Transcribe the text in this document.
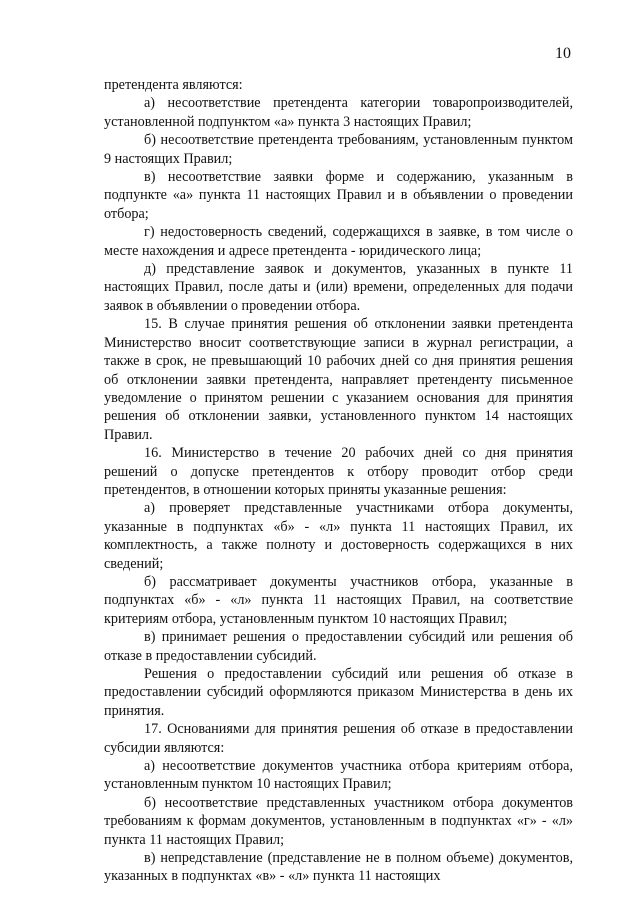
10

претендента являются:

а) несоответствие претендента категории товаропроизводителей, установленной подпунктом «а» пункта 3 настоящих Правил;

б) несоответствие претендента требованиям, установленным пунктом 9 настоящих Правил;

в) несоответствие заявки форме и содержанию, указанным в подпункте «а» пункта 11 настоящих Правил и в объявлении о проведении отбора;

г) недостоверность сведений, содержащихся в заявке, в том числе о месте нахождения и адресе претендента - юридического лица;

д) представление заявок и документов, указанных в пункте 11 настоящих Правил, после даты и (или) времени, определенных для подачи заявок в объявлении о проведении отбора.

15. В случае принятия решения об отклонении заявки претендента Министерство вносит соответствующие записи в журнал регистрации, а также в срок, не превышающий 10 рабочих дней со дня принятия решения об отклонении заявки претендента, направляет претенденту письменное уведомление о принятом решении с указанием основания для принятия решения об отклонении заявки, установленного пунктом 14 настоящих Правил.

16. Министерство в течение 20 рабочих дней со дня принятия решений о допуске претендентов к отбору проводит отбор среди претендентов, в отношении которых приняты указанные решения:

а) проверяет представленные участниками отбора документы, указанные в подпунктах «б» - «л» пункта 11 настоящих Правил, их комплектность, а также полноту и достоверность содержащихся в них сведений;

б) рассматривает документы участников отбора, указанные в подпунктах «б» - «л» пункта 11 настоящих Правил, на соответствие критериям отбора, установленным пунктом 10 настоящих Правил;

в) принимает решения о предоставлении субсидий или решения об отказе в предоставлении субсидий.

Решения о предоставлении субсидий или решения об отказе в предоставлении субсидий оформляются приказом Министерства в день их принятия.

17. Основаниями для принятия решения об отказе в предоставлении субсидии являются:

а) несоответствие документов участника отбора критериям отбора, установленным пунктом 10 настоящих Правил;

б) несоответствие представленных участником отбора документов требованиям к формам документов, установленным в подпунктах «г» - «л» пункта 11 настоящих Правил;

в) непредставление (представление не в полном объеме) документов, указанных в подпунктах «в» - «л» пункта 11 настоящих
